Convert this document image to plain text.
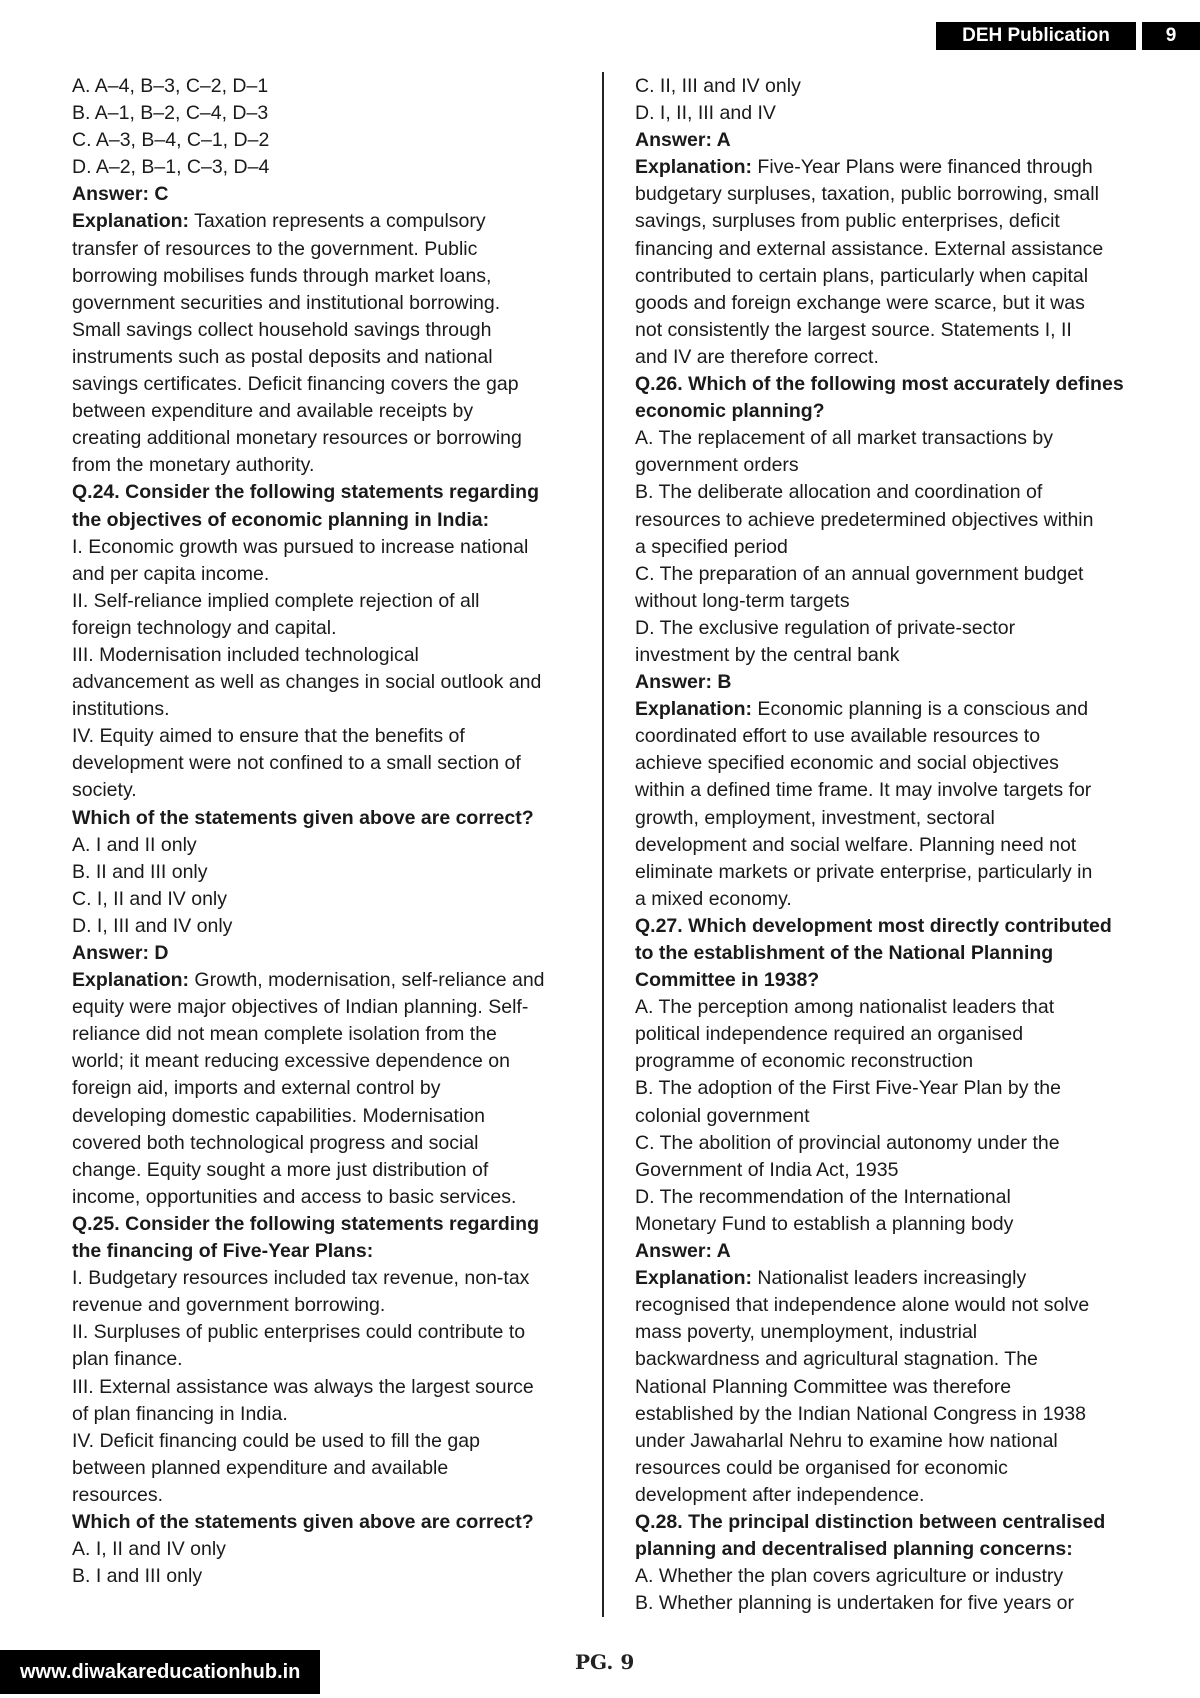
DEH Publication	9
A. A–4, B–3, C–2, D–1
B. A–1, B–2, C–4, D–3
C. A–3, B–4, C–1, D–2
D. A–2, B–1, C–3, D–4
Answer: C
Explanation: Taxation represents a compulsory
transfer of resources to the government. Public
borrowing mobilises funds through market loans,
government securities and institutional borrowing.
Small savings collect household savings through
instruments such as postal deposits and national
savings certificates. Deficit financing covers the gap
between expenditure and available receipts by
creating additional monetary resources or borrowing
from the monetary authority.
Q.24. Consider the following statements regarding
the objectives of economic planning in India:
I. Economic growth was pursued to increase national
and per capita income.
II. Self-reliance implied complete rejection of all
foreign technology and capital.
III. Modernisation included technological
advancement as well as changes in social outlook and
institutions.
IV. Equity aimed to ensure that the benefits of
development were not confined to a small section of
society.
Which of the statements given above are correct?
A. I and II only
B. II and III only
C. I, II and IV only
D. I, III and IV only
Answer: D
Explanation: Growth, modernisation, self-reliance and
equity were major objectives of Indian planning. Self-
reliance did not mean complete isolation from the
world; it meant reducing excessive dependence on
foreign aid, imports and external control by
developing domestic capabilities. Modernisation
covered both technological progress and social
change. Equity sought a more just distribution of
income, opportunities and access to basic services.
Q.25. Consider the following statements regarding
the financing of Five-Year Plans:
I. Budgetary resources included tax revenue, non-tax
revenue and government borrowing.
II. Surpluses of public enterprises could contribute to
plan finance.
III. External assistance was always the largest source
of plan financing in India.
IV. Deficit financing could be used to fill the gap
between planned expenditure and available
resources.
Which of the statements given above are correct?
A. I, II and IV only
B. I and III only
C. II, III and IV only
D. I, II, III and IV
Answer: A
Explanation: Five-Year Plans were financed through
budgetary surpluses, taxation, public borrowing, small
savings, surpluses from public enterprises, deficit
financing and external assistance. External assistance
contributed to certain plans, particularly when capital
goods and foreign exchange were scarce, but it was
not consistently the largest source. Statements I, II
and IV are therefore correct.
Q.26. Which of the following most accurately defines
economic planning?
A. The replacement of all market transactions by
government orders
B. The deliberate allocation and coordination of
resources to achieve predetermined objectives within
a specified period
C. The preparation of an annual government budget
without long-term targets
D. The exclusive regulation of private-sector
investment by the central bank
Answer: B
Explanation: Economic planning is a conscious and
coordinated effort to use available resources to
achieve specified economic and social objectives
within a defined time frame. It may involve targets for
growth, employment, investment, sectoral
development and social welfare. Planning need not
eliminate markets or private enterprise, particularly in
a mixed economy.
Q.27. Which development most directly contributed
to the establishment of the National Planning
Committee in 1938?
A. The perception among nationalist leaders that
political independence required an organised
programme of economic reconstruction
B. The adoption of the First Five-Year Plan by the
colonial government
C. The abolition of provincial autonomy under the
Government of India Act, 1935
D. The recommendation of the International
Monetary Fund to establish a planning body
Answer: A
Explanation: Nationalist leaders increasingly
recognised that independence alone would not solve
mass poverty, unemployment, industrial
backwardness and agricultural stagnation. The
National Planning Committee was therefore
established by the Indian National Congress in 1938
under Jawaharlal Nehru to examine how national
resources could be organised for economic
development after independence.
Q.28. The principal distinction between centralised
planning and decentralised planning concerns:
A. Whether the plan covers agriculture or industry
B. Whether planning is undertaken for five years or
www.diwakareducationhub.in	PG. 9
